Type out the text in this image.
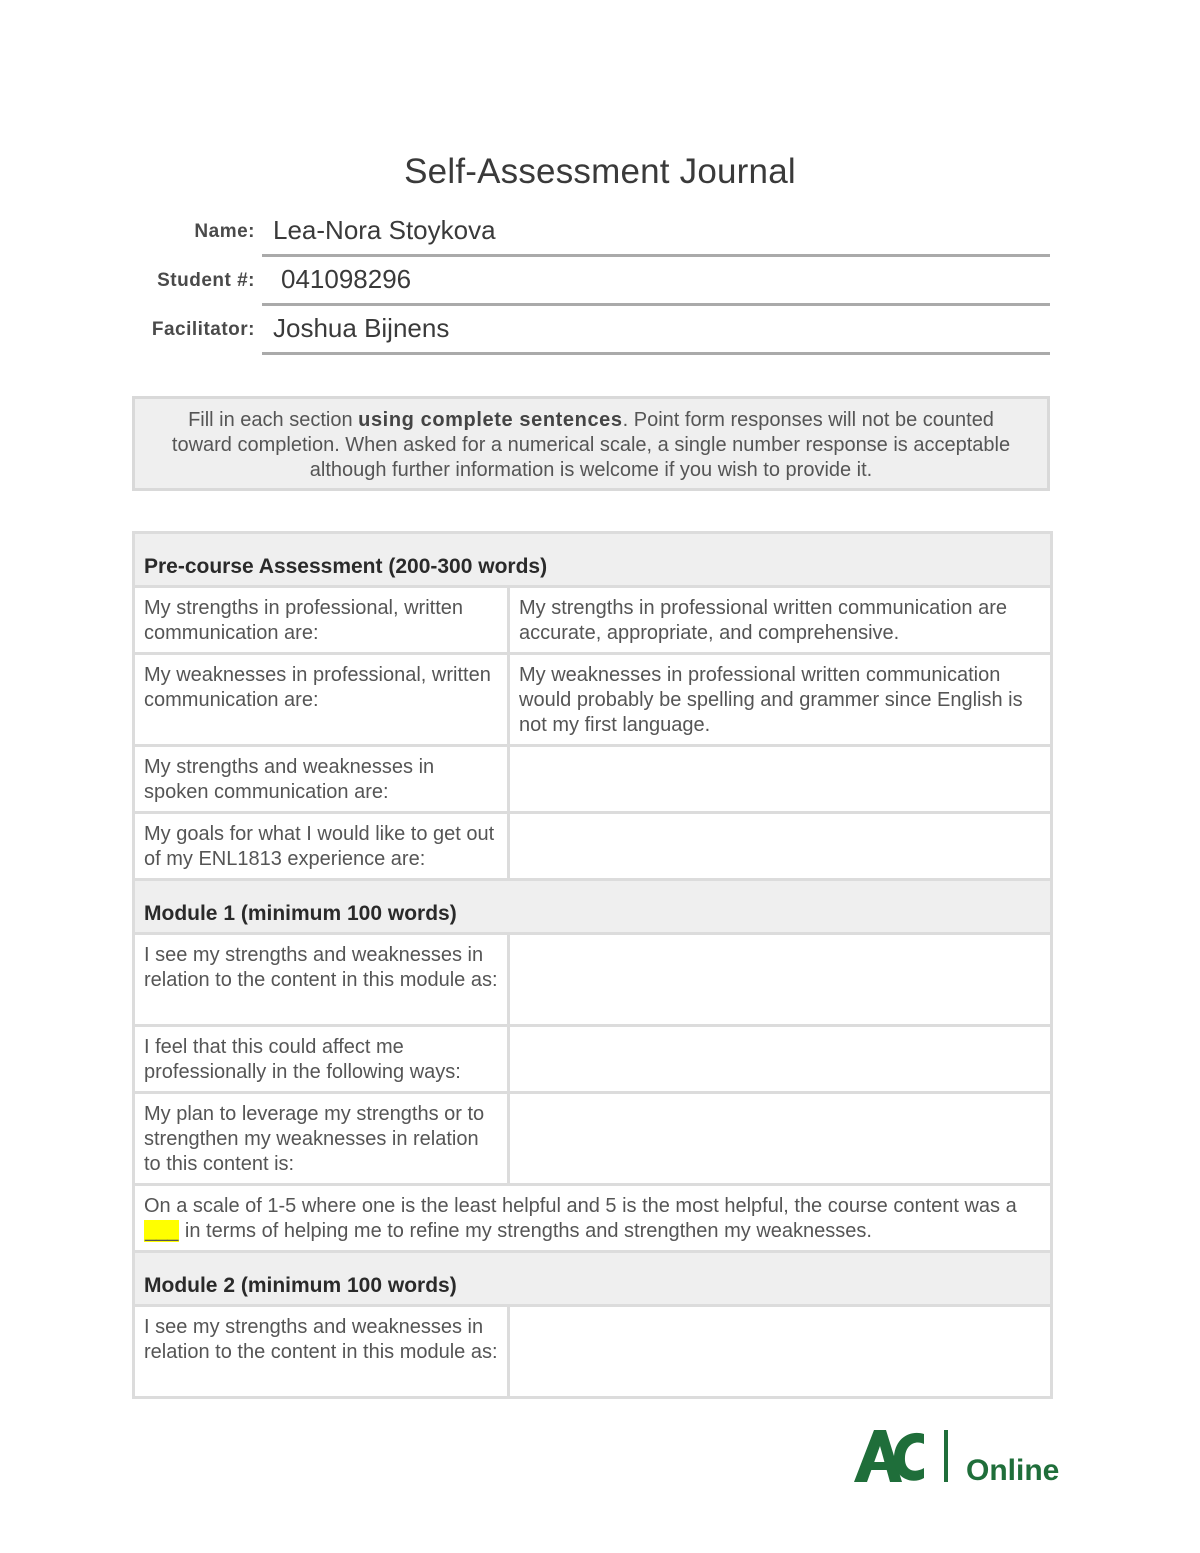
Self-Assessment Journal
Name: Lea-Nora Stoykova
Student #:	041098296
Facilitator: Joshua Bijnens
Fill in each section using complete sentences. Point form responses will not be counted toward completion. When asked for a numerical scale, a single number response is acceptable although further information is welcome if you wish to provide it.
Pre-course Assessment (200-300 words)	
My strengths in professional, written communication are:	My strengths in professional written communication are accurate, appropriate, and comprehensive.
My weaknesses in professional, written communication are:	My weaknesses in professional written communication would probably be spelling and grammer since English is not my first language.
My strengths and weaknesses in spoken communication are:	
My goals for what I would like to get out of my ENL1813 experience are:	
Module 1 (minimum 100 words)	
I see my strengths and weaknesses in relation to the content in this module as:	
I feel that this could affect me professionally in the following ways:	
My plan to leverage my strengths or to strengthen my weaknesses in relation to this content is:	
On a scale of 1-5 where one is the least helpful and 5 is the most helpful, the course content was a ___ in terms of helping me to refine my strengths and strengthen my weaknesses.	
Module 2 (minimum 100 words)	
I see my strengths and weaknesses in relation to the content in this module as:	
Online
